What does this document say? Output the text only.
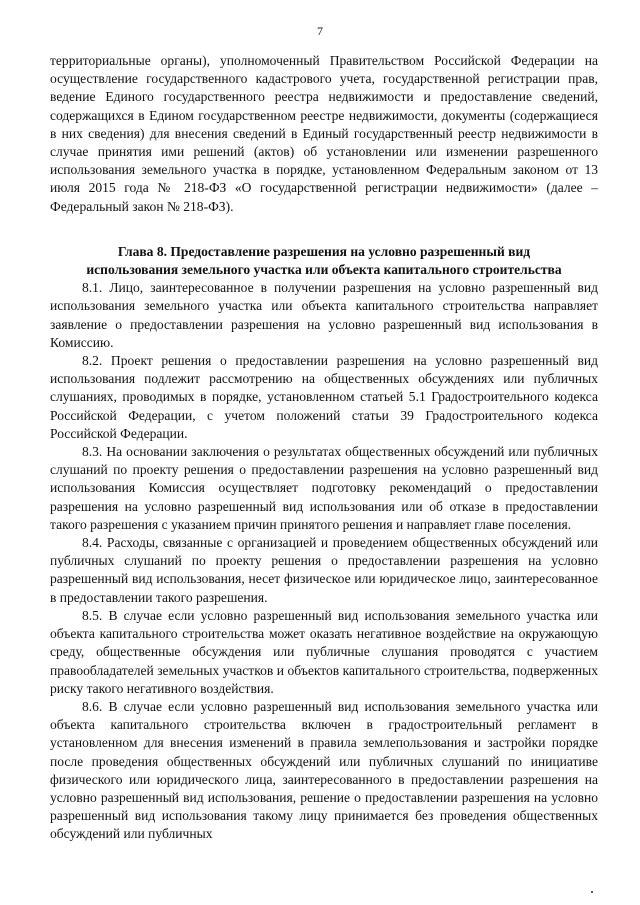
7

территориальные органы), уполномоченный Правительством Российской Федерации на осуществление государственного кадастрового учета, государственной регистрации прав, ведение Единого государственного реестра недвижимости и предоставление сведений, содержащихся в Едином государственном реестре недвижимости, документы (содержащиеся в них сведения) для внесения сведений в Единый государственный реестр недвижимости в случае принятия ими решений (актов) об установлении или изменении разрешенного использования земельного участка в порядке, установленном Федеральным законом от 13 июля 2015 года № 218-ФЗ «О государственной регистрации недвижимости» (далее – Федеральный закон № 218-ФЗ).

Глава 8. Предоставление разрешения на условно разрешенный вид
использования земельного участка или объекта капитального строительства

8.1. Лицо, заинтересованное в получении разрешения на условно разрешенный вид использования земельного участка или объекта капитального строительства направляет заявление о предоставлении разрешения на условно разрешенный вид использования в Комиссию.

8.2. Проект решения о предоставлении разрешения на условно разрешенный вид использования подлежит рассмотрению на общественных обсуждениях или публичных слушаниях, проводимых в порядке, установленном статьей 5.1 Градостроительного кодекса Российской Федерации, с учетом положений статьи 39 Градостроительного кодекса Российской Федерации.

8.3. На основании заключения о результатах общественных обсуждений или публичных слушаний по проекту решения о предоставлении разрешения на условно разрешенный вид использования Комиссия осуществляет подготовку рекомендаций о предоставлении разрешения на условно разрешенный вид использования или об отказе в предоставлении такого разрешения с указанием причин принятого решения и направляет главе поселения.

8.4. Расходы, связанные с организацией и проведением общественных обсуждений или публичных слушаний по проекту решения о предоставлении разрешения на условно разрешенный вид использования, несет физическое или юридическое лицо, заинтересованное в предоставлении такого разрешения.

8.5. В случае если условно разрешенный вид использования земельного участка или объекта капитального строительства может оказать негативное воздействие на окружающую среду, общественные обсуждения или публичные слушания проводятся с участием правообладателей земельных участков и объектов капитального строительства, подверженных риску такого негативного воздействия.

8.6. В случае если условно разрешенный вид использования земельного участка или объекта капитального строительства включен в градостроительный регламент в установленном для внесения изменений в правила землепользования и застройки порядке после проведения общественных обсуждений или публичных слушаний по инициативе физического или юридического лица, заинтересованного в предоставлении разрешения на условно разрешенный вид использования, решение о предоставлении разрешения на условно разрешенный вид использования такому лицу принимается без проведения общественных обсуждений или публичных
